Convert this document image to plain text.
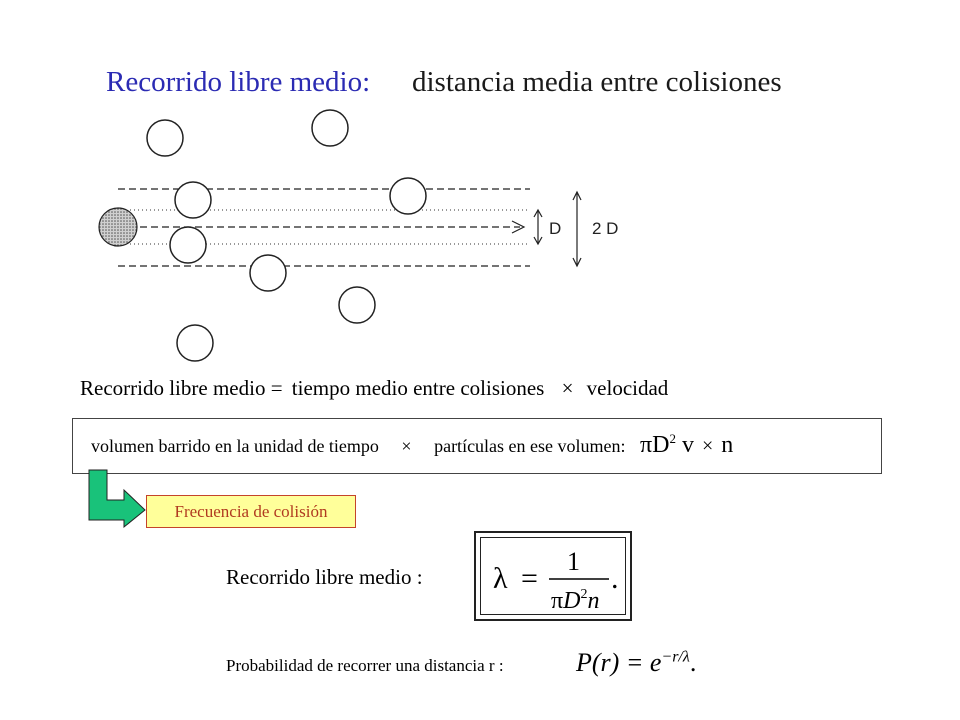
Recorrido libre medio: distancia media entre colisiones
D 2 D
Recorrido libre medio = tiempo medio entre colisiones × velocidad
volumen barrido en la unidad de tiempo × partículas en ese volumen: $\pi D^2$ v × n
Frecuencia de colisión
Recorrido libre medio : λ =
1
$\pi D^2n$
.
Probabilidad de recorrer una distancia r :	$P(r) = e^{-r/\lambda}$.
